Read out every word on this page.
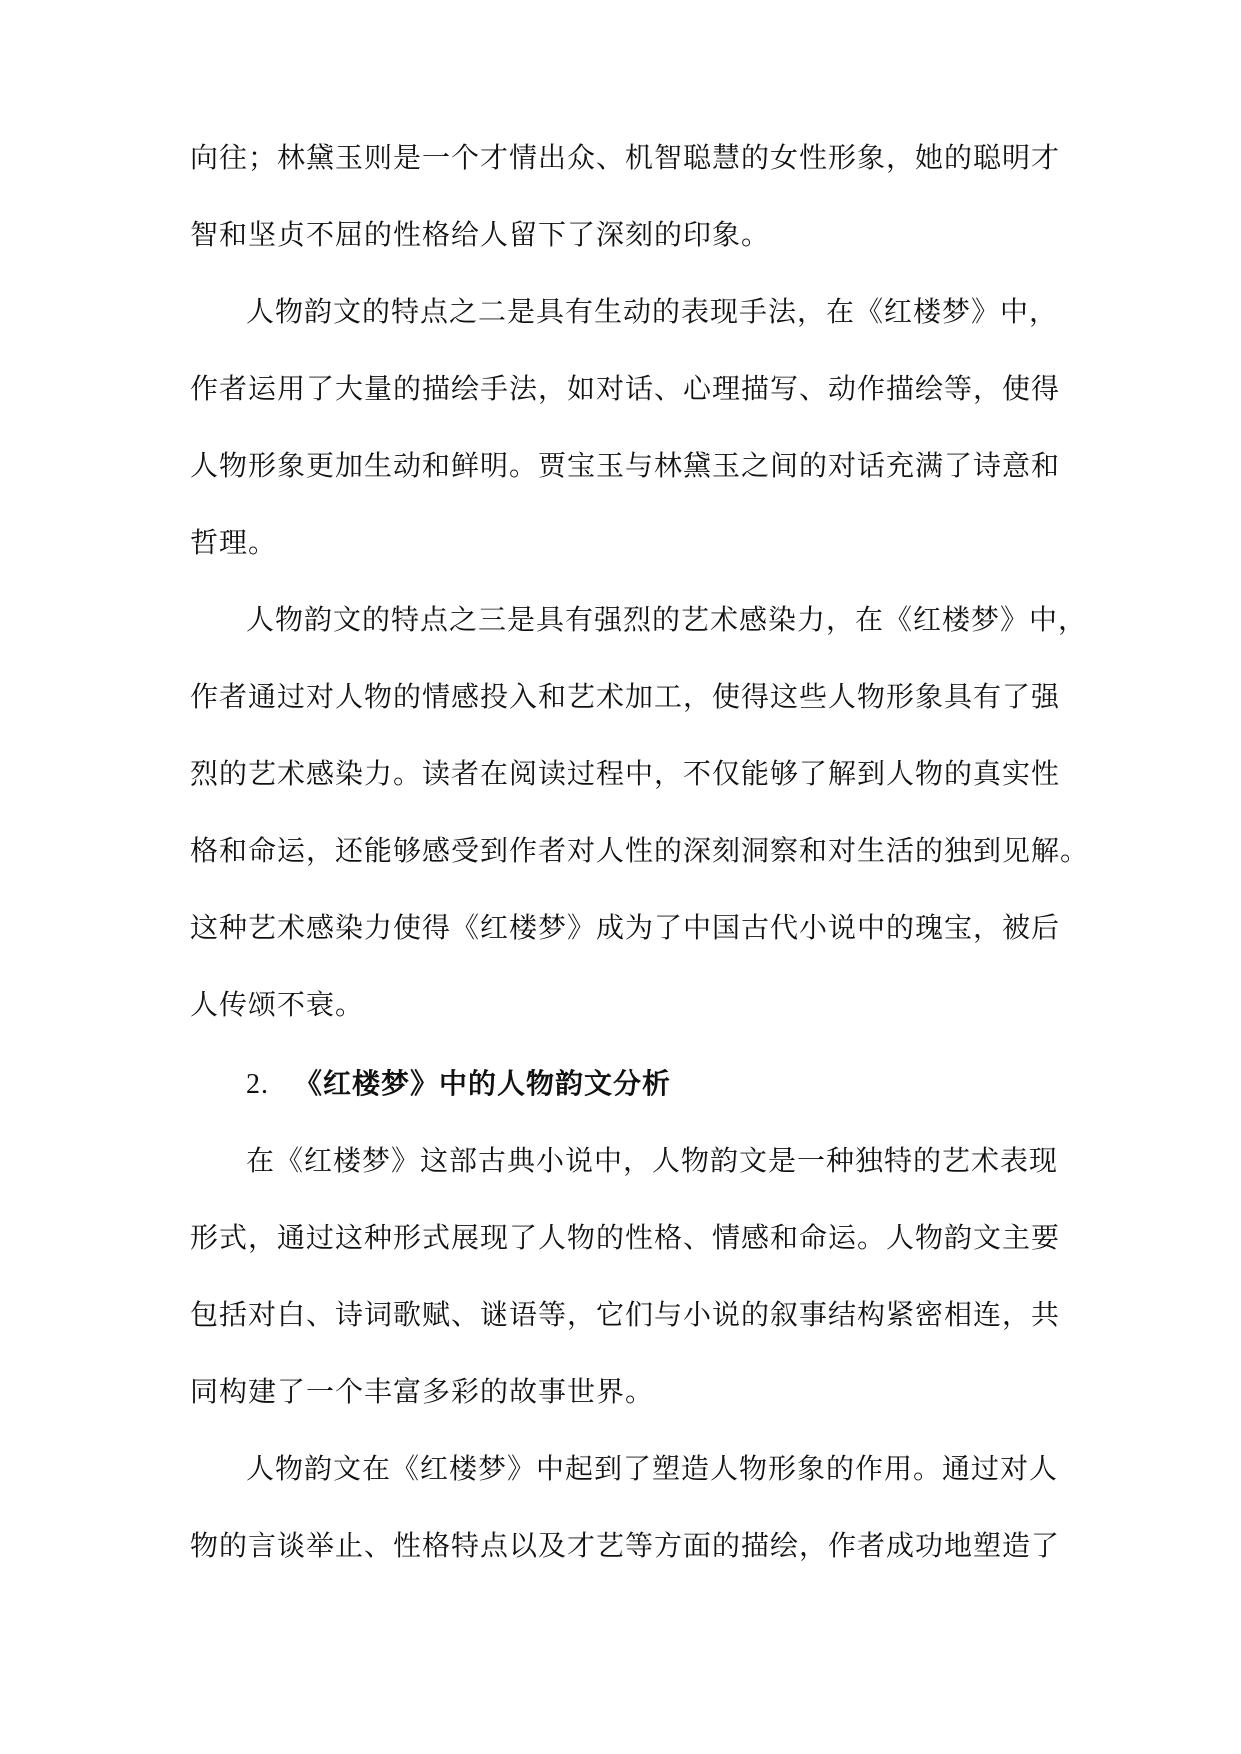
向往；林黛玉则是一个才情出众、机智聪慧的女性形象，她的聪明才
智和坚贞不屈的性格给人留下了深刻的印象。
人物韵文的特点之二是具有生动的表现手法，在《红楼梦》中，
作者运用了大量的描绘手法，如对话、心理描写、动作描绘等，使得
人物形象更加生动和鲜明。贾宝玉与林黛玉之间的对话充满了诗意和
哲理。
人物韵文的特点之三是具有强烈的艺术感染力，在《红楼梦》中，
作者通过对人物的情感投入和艺术加工，使得这些人物形象具有了强
烈的艺术感染力。读者在阅读过程中，不仅能够了解到人物的真实性
格和命运，还能够感受到作者对人性的深刻洞察和对生活的独到见解。
这种艺术感染力使得《红楼梦》成为了中国古代小说中的瑰宝，被后
人传颂不衰。
2. 《红楼梦》中的人物韵文分析
在《红楼梦》这部古典小说中，人物韵文是一种独特的艺术表现
形式，通过这种形式展现了人物的性格、情感和命运。人物韵文主要
包括对白、诗词歌赋、谜语等，它们与小说的叙事结构紧密相连，共
同构建了一个丰富多彩的故事世界。
人物韵文在《红楼梦》中起到了塑造人物形象的作用。通过对人
物的言谈举止、性格特点以及才艺等方面的描绘，作者成功地塑造了
